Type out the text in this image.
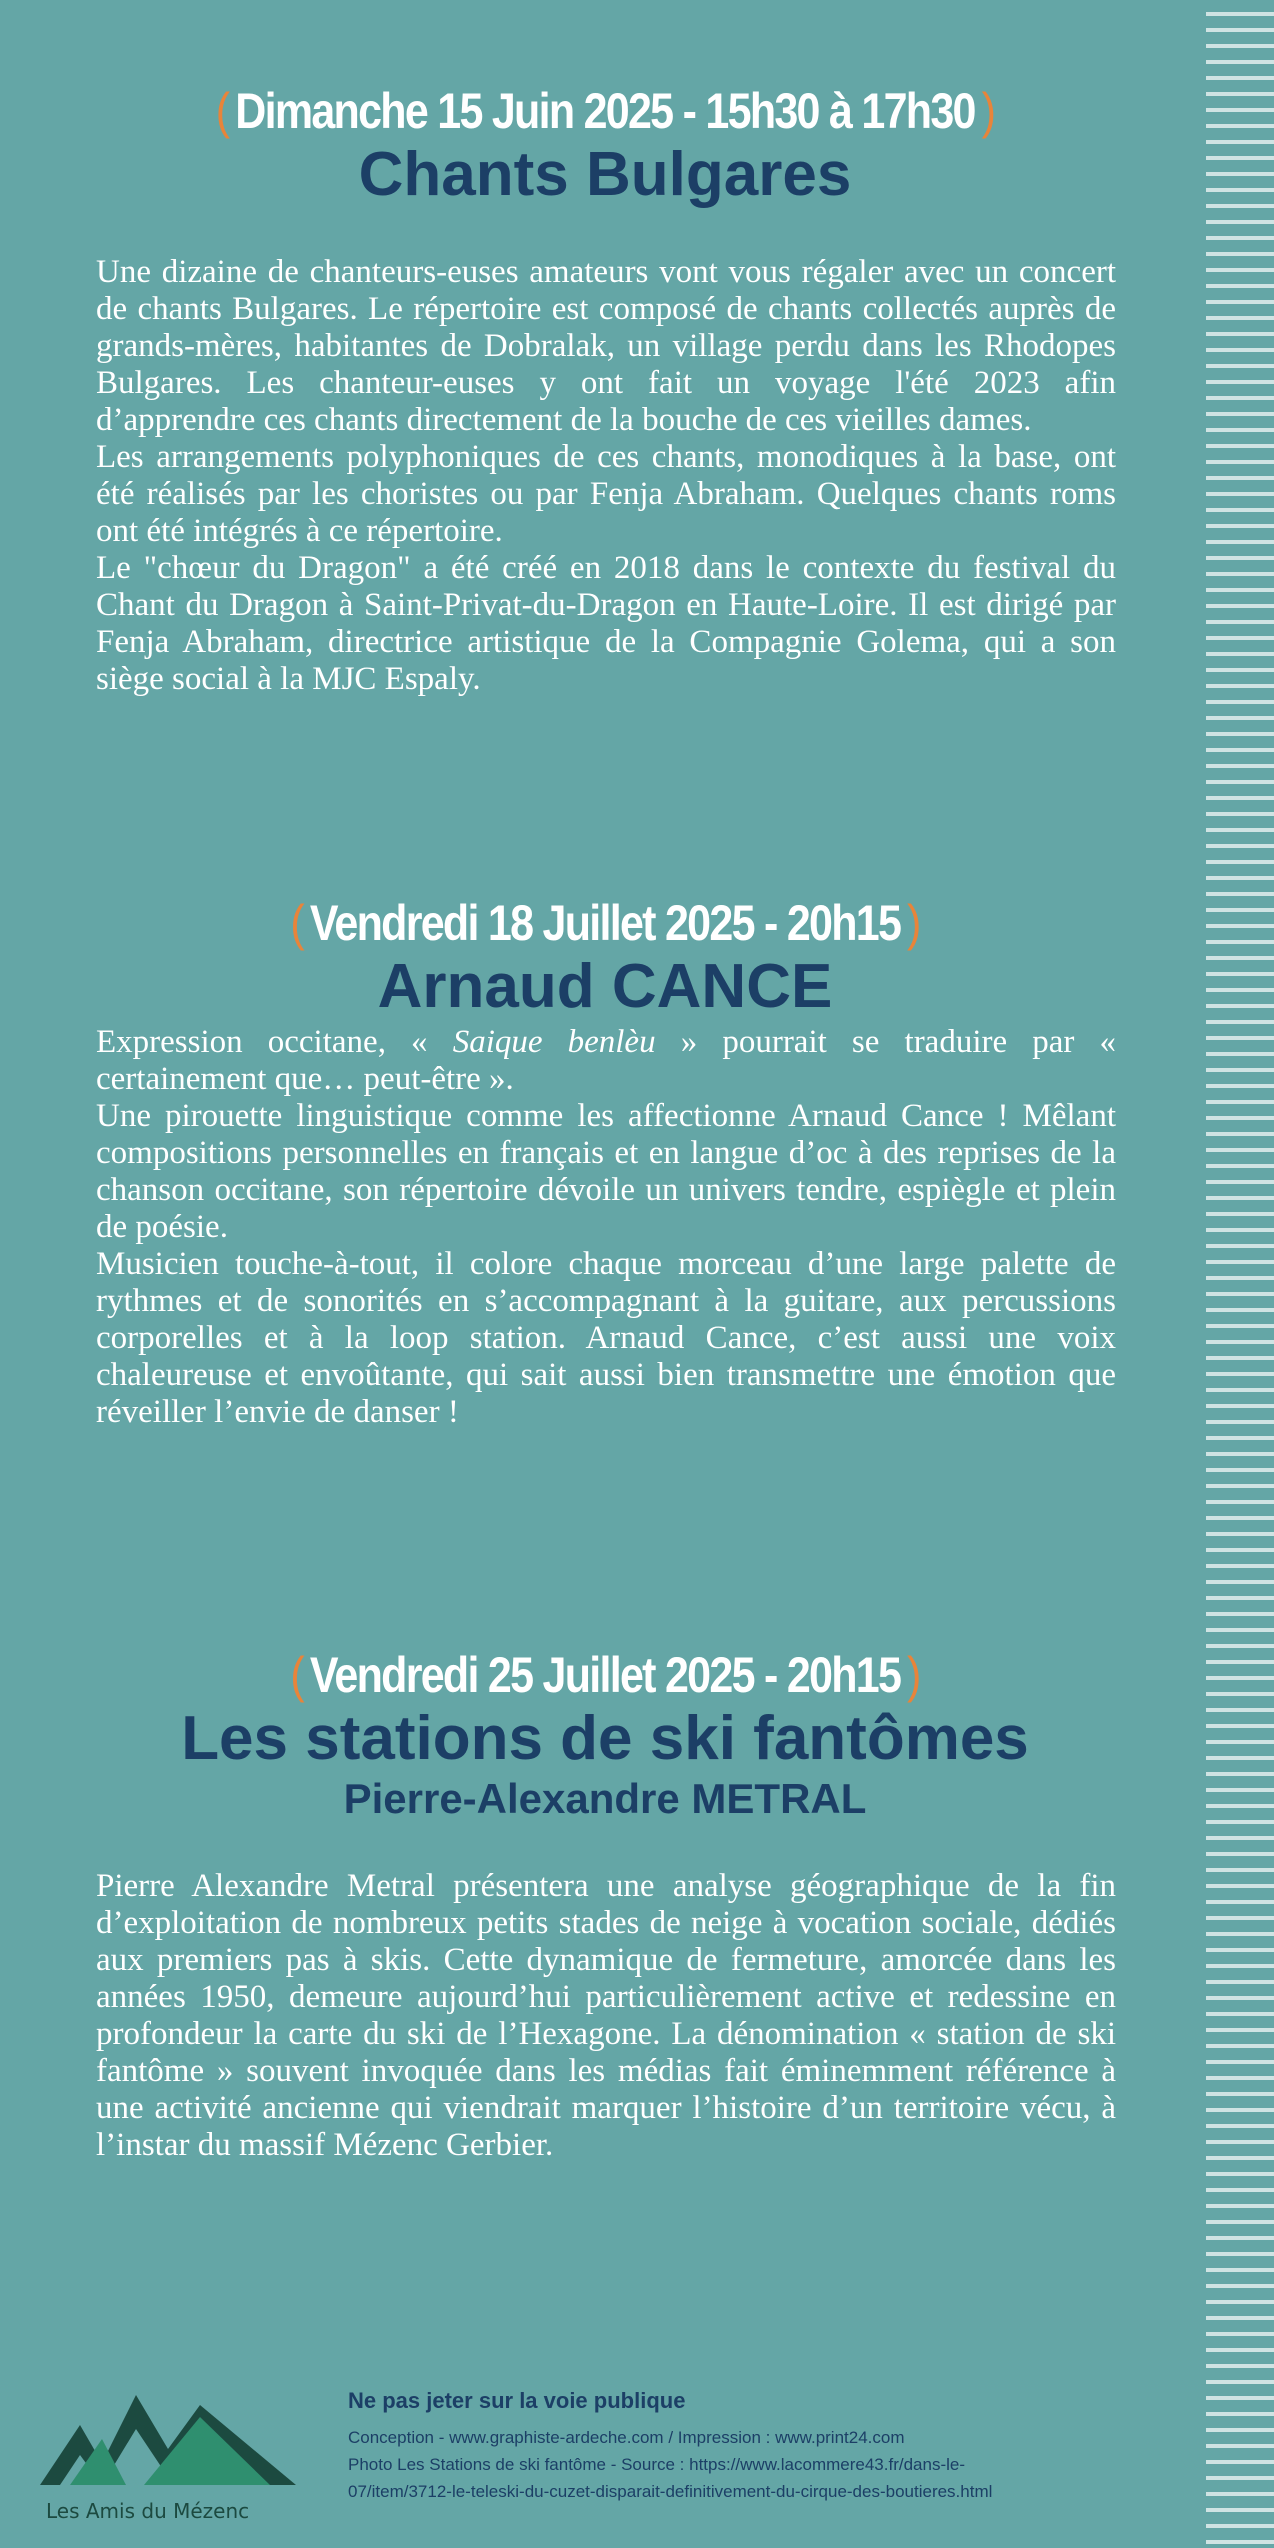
( Dimanche 15 Juin 2025 - 15h30 à 17h30 )
Chants Bulgares

Une dizaine de chanteurs-euses amateurs vont vous régaler avec un concert de chants Bulgares. Le répertoire est composé de chants collectés auprès de grands-mères, habitantes de Dobralak, un village perdu dans les Rhodopes Bulgares. Les chanteur-euses y ont fait un voyage l'été 2023 afin d’apprendre ces chants directement de la bouche de ces vieilles dames.

Les arrangements polyphoniques de ces chants, monodiques à la base, ont été réalisés par les choristes ou par Fenja Abraham. Quelques chants roms ont été intégrés à ce répertoire.

Le "chœur du Dragon" a été créé en 2018 dans le contexte du festival du Chant du Dragon à Saint-Privat-du-Dragon en Haute-Loire. Il est dirigé par Fenja Abraham, directrice artistique de la Compagnie Golema, qui a son siège social à la MJC Espaly.

( Vendredi 18 Juillet 2025 - 20h15 )
Arnaud CANCE

Expression occitane, « Saique benlèu » pourrait se traduire par « certainement que… peut-être ».

Une pirouette linguistique comme les affectionne Arnaud Cance ! Mêlant compositions personnelles en français et en langue d’oc à des reprises de la chanson occitane, son répertoire dévoile un univers tendre, espiègle et plein de poésie.

Musicien touche-à-tout, il colore chaque morceau d’une large palette de rythmes et de sonorités en s’accompagnant à la guitare, aux percussions corporelles et à la loop station. Arnaud Cance, c’est aussi une voix chaleureuse et envoûtante, qui sait aussi bien transmettre une émotion que réveiller l’envie de danser !

( Vendredi 25 Juillet 2025 - 20h15 )
Les stations de ski fantômes
Pierre-Alexandre METRAL

Pierre Alexandre Metral présentera une analyse géographique de la fin d’exploitation de nombreux petits stades de neige à vocation sociale, dédiés aux premiers pas à skis. Cette dynamique de fermeture, amorcée dans les années 1950, demeure aujourd’hui particulièrement active et redessine en profondeur la carte du ski de l’Hexagone. La dénomination « station de ski fantôme » souvent invoquée dans les médias fait éminemment référence à une activité ancienne qui viendrait marquer l’histoire d’un territoire vécu, à l’instar du massif Mézenc Gerbier.

Les Amis du Mézenc
Ne pas jeter sur la voie publique
Conception - www.graphiste-ardeche.com / Impression : www.print24.com
Photo Les Stations de ski fantôme - Source : https://www.lacommere43.fr/dans-le-
07/item/3712-le-teleski-du-cuzet-disparait-definitivement-du-cirque-des-boutieres.html
